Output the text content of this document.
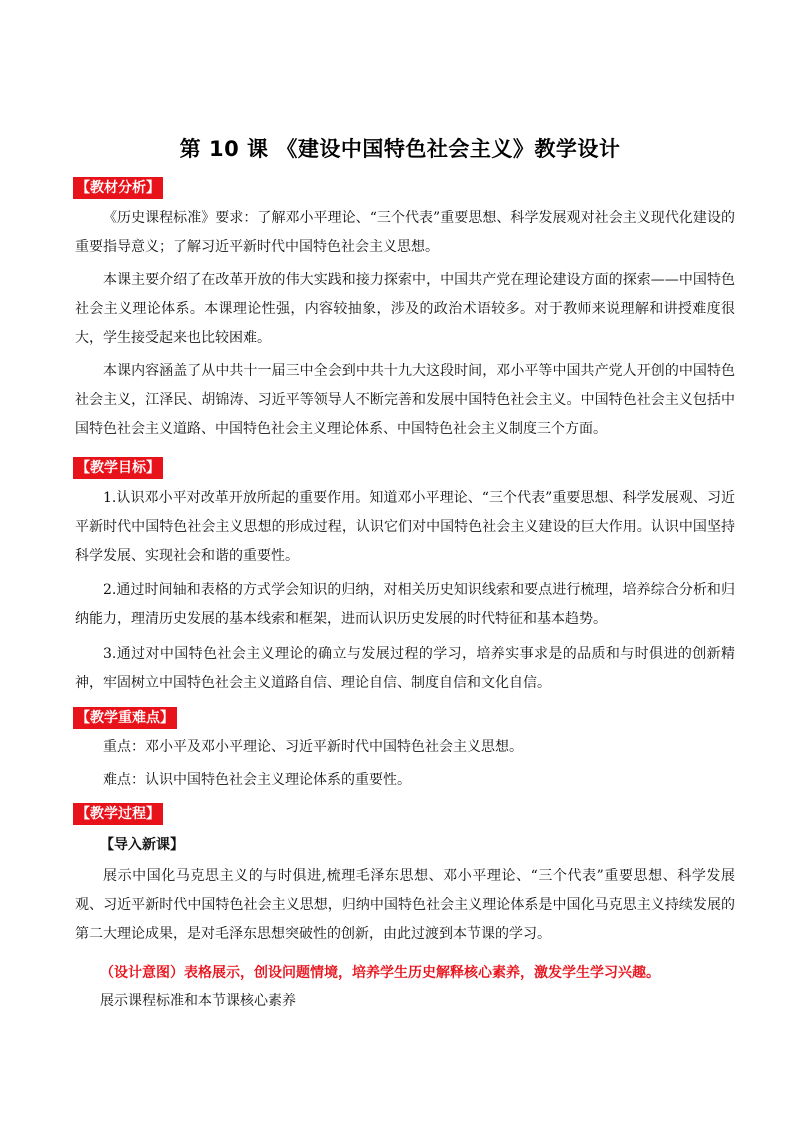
第 10 课 《建设中国特色社会主义》教学设计
【教材分析】

《历史课程标准》要求：了解邓小平理论、“三个代表”重要思想、科学发展观对社会主义现代化建设的重要指导意义；了解习近平新时代中国特色社会主义思想。

本课主要介绍了在改革开放的伟大实践和接力探索中，中国共产党在理论建设方面的探索——中国特色社会主义理论体系。本课理论性强，内容较抽象，涉及的政治术语较多。对于教师来说理解和讲授难度很大，学生接受起来也比较困难。

本课内容涵盖了从中共十一届三中全会到中共十九大这段时间，邓小平等中国共产党人开创的中国特色社会主义，江泽民、胡锦涛、习近平等领导人不断完善和发展中国特色社会主义。中国特色社会主义包括中国特色社会主义道路、中国特色社会主义理论体系、中国特色社会主义制度三个方面。

【教学目标】

1.认识邓小平对改革开放所起的重要作用。知道邓小平理论、“三个代表”重要思想、科学发展观、习近平新时代中国特色社会主义思想的形成过程，认识它们对中国特色社会主义建设的巨大作用。认识中国坚持科学发展、实现社会和谐的重要性。

2.通过时间轴和表格的方式学会知识的归纳，对相关历史知识线索和要点进行梳理，培养综合分析和归纳能力，理清历史发展的基本线索和框架，进而认识历史发展的时代特征和基本趋势。

3.通过对中国特色社会主义理论的确立与发展过程的学习，培养实事求是的品质和与时俱进的创新精神，牢固树立中国特色社会主义道路自信、理论自信、制度自信和文化自信。

【教学重难点】

重点：邓小平及邓小平理论、习近平新时代中国特色社会主义思想。

难点：认识中国特色社会主义理论体系的重要性。

【教学过程】
【导入新课】

展示中国化马克思主义的与时俱进,梳理毛泽东思想、邓小平理论、“三个代表”重要思想、科学发展观、习近平新时代中国特色社会主义思想，归纳中国特色社会主义理论体系是中国化马克思主义持续发展的第二大理论成果，是对毛泽东思想突破性的创新，由此过渡到本节课的学习。

（设计意图）表格展示，创设问题情境，培养学生历史解释核心素养，激发学生学习兴趣。

展示课程标准和本节课核心素养
